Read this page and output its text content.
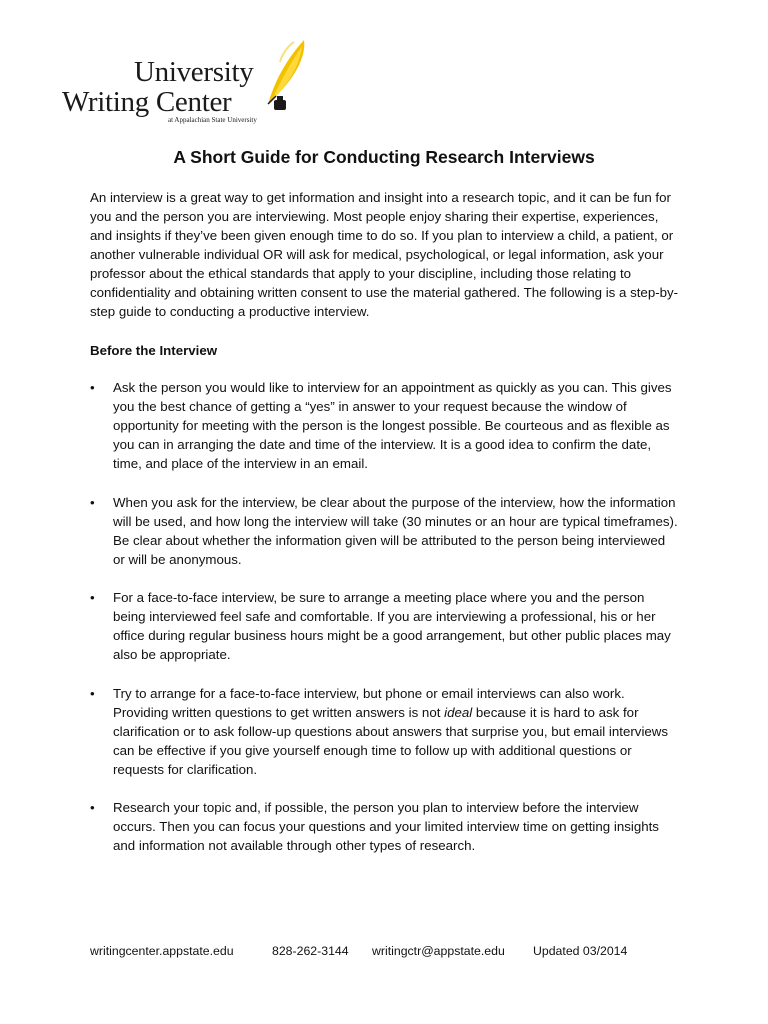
University
Writing Center
at Appalachian State University
A Short Guide for Conducting Research Interviews

An interview is a great way to get information and insight into a research topic, and it can be fun for you and the person you are interviewing. Most people enjoy sharing their expertise, experiences, and insights if they’ve been given enough time to do so. If you plan to interview a child, a patient, or another vulnerable individual OR will ask for medical, psychological, or legal information, ask your professor about the ethical standards that apply to your discipline, including those relating to confidentiality and obtaining written consent to use the material gathered. The following is a step-by-step guide to conducting a productive interview.

Before the Interview
•	Ask the person you would like to interview for an appointment as quickly as you can. This gives you the best chance of getting a “yes” in answer to your request because the window of opportunity for meeting with the person is the longest possible. Be courteous and as flexible as you can in arranging the date and time of the interview. It is a good idea to confirm the date, time, and place of the interview in an email.

•	When you ask for the interview, be clear about the purpose of the interview, how the information will be used, and how long the interview will take (30 minutes or an hour are typical timeframes). Be clear about whether the information given will be attributed to the person being interviewed or will be anonymous.

•	For a face-to-face interview, be sure to arrange a meeting place where you and the person being interviewed feel safe and comfortable. If you are interviewing a professional, his or her office during regular business hours might be a good arrangement, but other public places may also be appropriate.

•	Try to arrange for a face-to-face interview, but phone or email interviews can also work. Providing written questions to get written answers is not ideal because it is hard to ask for clarification or to ask follow-up questions about answers that surprise you, but email interviews can be effective if you give yourself enough time to follow up with additional questions or requests for clarification.

•	Research your topic and, if possible, the person you plan to interview before the interview occurs. Then you can focus your questions and your limited interview time on getting insights and information not available through other types of research.

writingcenter.appstate.edu	828-262-3144 writingctr@appstate.edu Updated 03/2014
